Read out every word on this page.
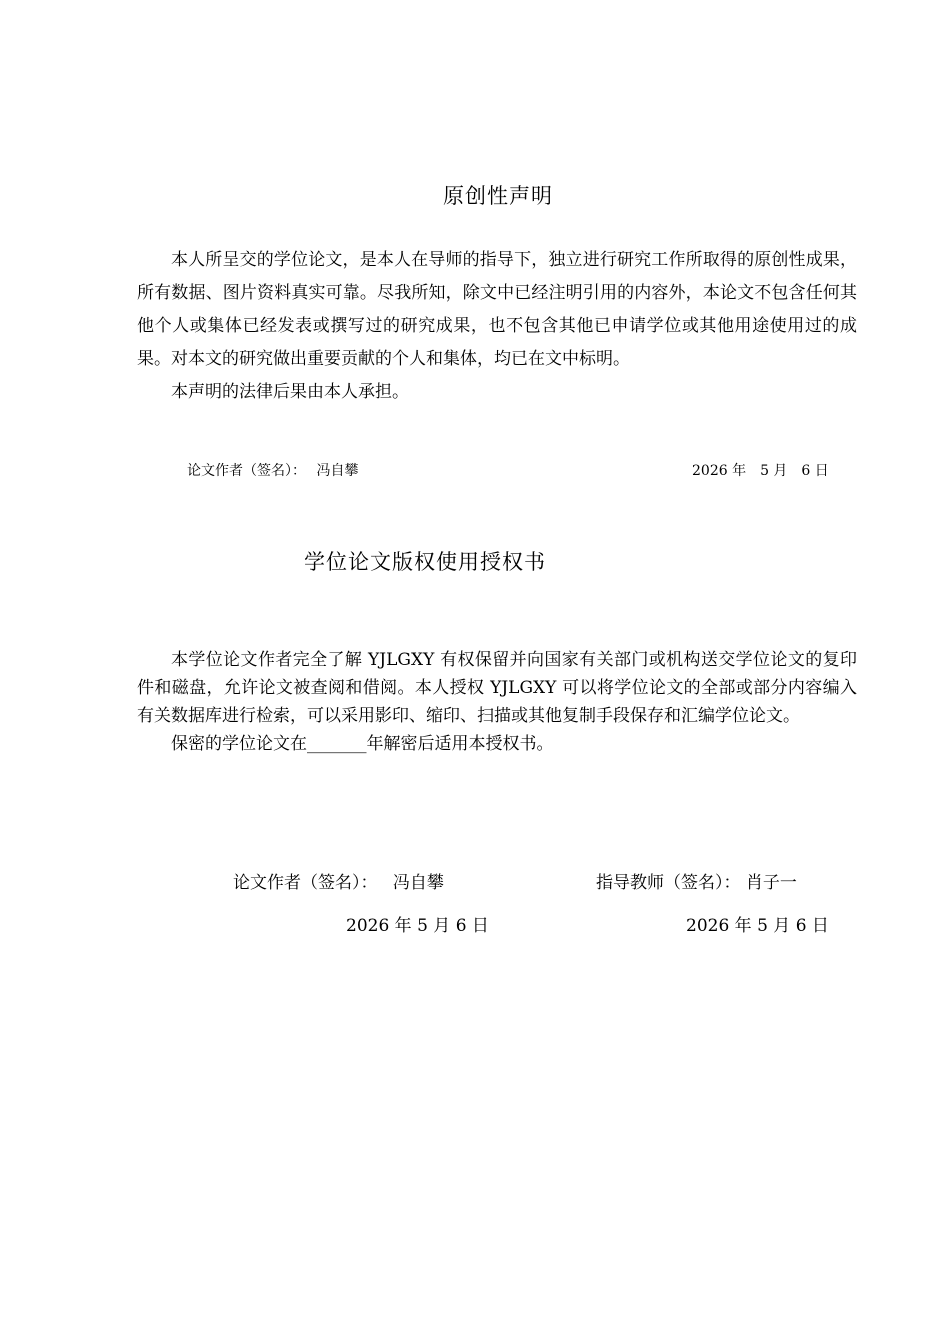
原创性声明

本人所呈交的学位论文，是本人在导师的指导下，独立进行研究工作所取得的原创性成果，所有数据、图片资料真实可靠。尽我所知，除文中已经注明引用的内容外，本论文不包含任何其他个人或集体已经发表或撰写过的研究成果，也不包含其他已申请学位或其他用途使用过的成果。对本文的研究做出重要贡献的个人和集体，均已在文中标明。

本声明的法律后果由本人承担。

论文作者（签名）： 冯自攀	2026 年　5 月　6 日
学位论文版权使用授权书

本学位论文作者完全了解 YJLGXY 有权保留并向国家有关部门或机构送交学位论文的复印件和磁盘，允许论文被查阅和借阅。本人授权 YJLGXY 可以将学位论文的全部或部分内容编入有关数据库进行检索，可以采用影印、缩印、扫描或其他复制手段保存和汇编学位论文。

保密的学位论文在_______年解密后适用本授权书。

论文作者（签名）： 冯自攀	指导教师（签名）： 肖子一
2026 年 5 月 6 日	2026 年 5 月 6 日
